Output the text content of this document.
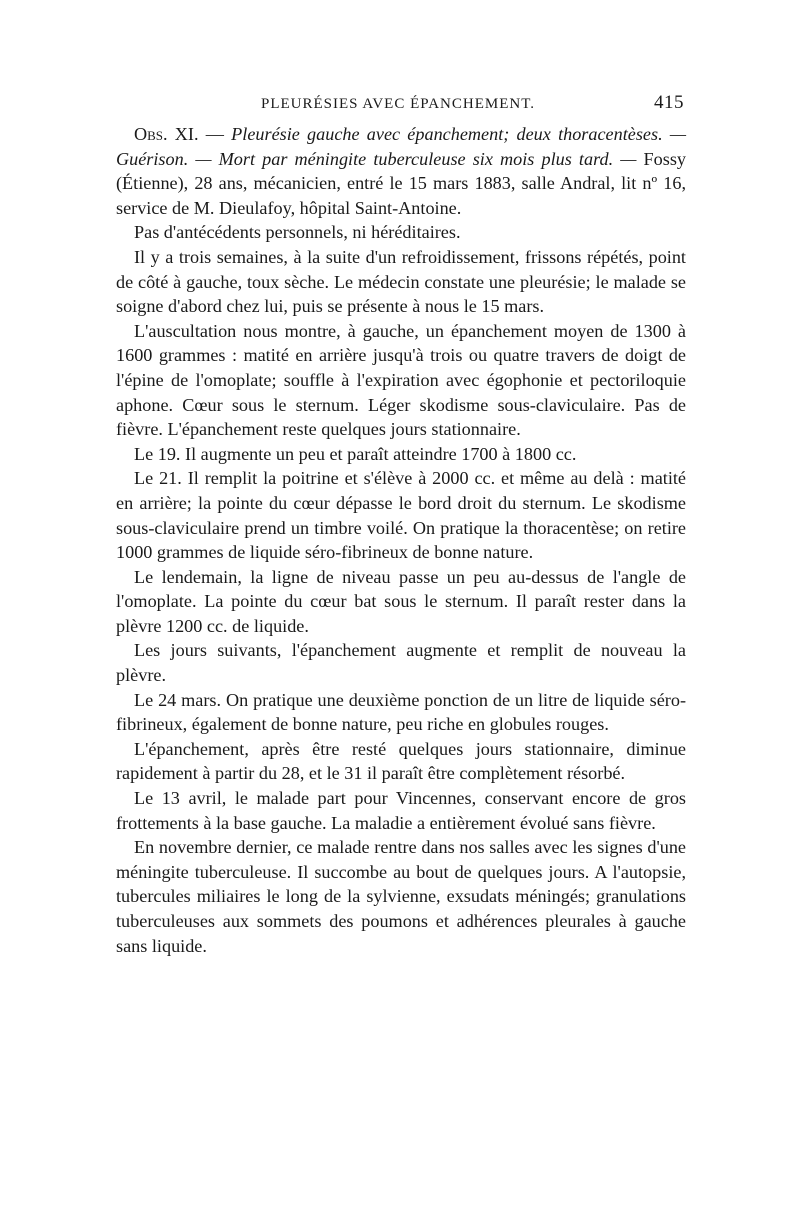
PLEURÉSIES AVEC ÉPANCHEMENT.	415

Obs. XI. — Pleurésie gauche avec épanchement; deux thoracentèses. — Guérison. — Mort par méningite tuberculeuse six mois plus tard. — Fossy (Étienne), 28 ans, mécanicien, entré le 15 mars 1883, salle Andral, lit nº 16, service de M. Dieulafoy, hôpital Saint-Antoine.

Pas d'antécédents personnels, ni héréditaires.

Il y a trois semaines, à la suite d'un refroidissement, frissons répétés, point de côté à gauche, toux sèche. Le médecin constate une pleurésie; le malade se soigne d'abord chez lui, puis se présente à nous le 15 mars.

L'auscultation nous montre, à gauche, un épanchement moyen de 1300 à 1600 grammes : matité en arrière jusqu'à trois ou quatre travers de doigt de l'épine de l'omoplate; souffle à l'expiration avec égophonie et pectoriloquie aphone. Cœur sous le sternum. Léger skodisme sous-claviculaire. Pas de fièvre. L'épanchement reste quelques jours stationnaire.

Le 19. Il augmente un peu et paraît atteindre 1700 à 1800 cc.

Le 21. Il remplit la poitrine et s'élève à 2000 cc. et même au delà : matité en arrière; la pointe du cœur dépasse le bord droit du sternum. Le skodisme sous-claviculaire prend un timbre voilé. On pratique la thoracentèse; on retire 1000 grammes de liquide séro-fibrineux de bonne nature.

Le lendemain, la ligne de niveau passe un peu au-dessus de l'angle de l'omoplate. La pointe du cœur bat sous le sternum. Il paraît rester dans la plèvre 1200 cc. de liquide.

Les jours suivants, l'épanchement augmente et remplit de nouveau la plèvre.

Le 24 mars. On pratique une deuxième ponction de un litre de liquide séro-fibrineux, également de bonne nature, peu riche en globules rouges.

L'épanchement, après être resté quelques jours stationnaire, diminue rapidement à partir du 28, et le 31 il paraît être complètement résorbé.

Le 13 avril, le malade part pour Vincennes, conservant encore de gros frottements à la base gauche. La maladie a entièrement évolué sans fièvre.

En novembre dernier, ce malade rentre dans nos salles avec les signes d'une méningite tuberculeuse. Il succombe au bout de quelques jours. A l'autopsie, tubercules miliaires le long de la sylvienne, exsudats méningés; granulations tuberculeuses aux sommets des poumons et adhérences pleurales à gauche sans liquide.
